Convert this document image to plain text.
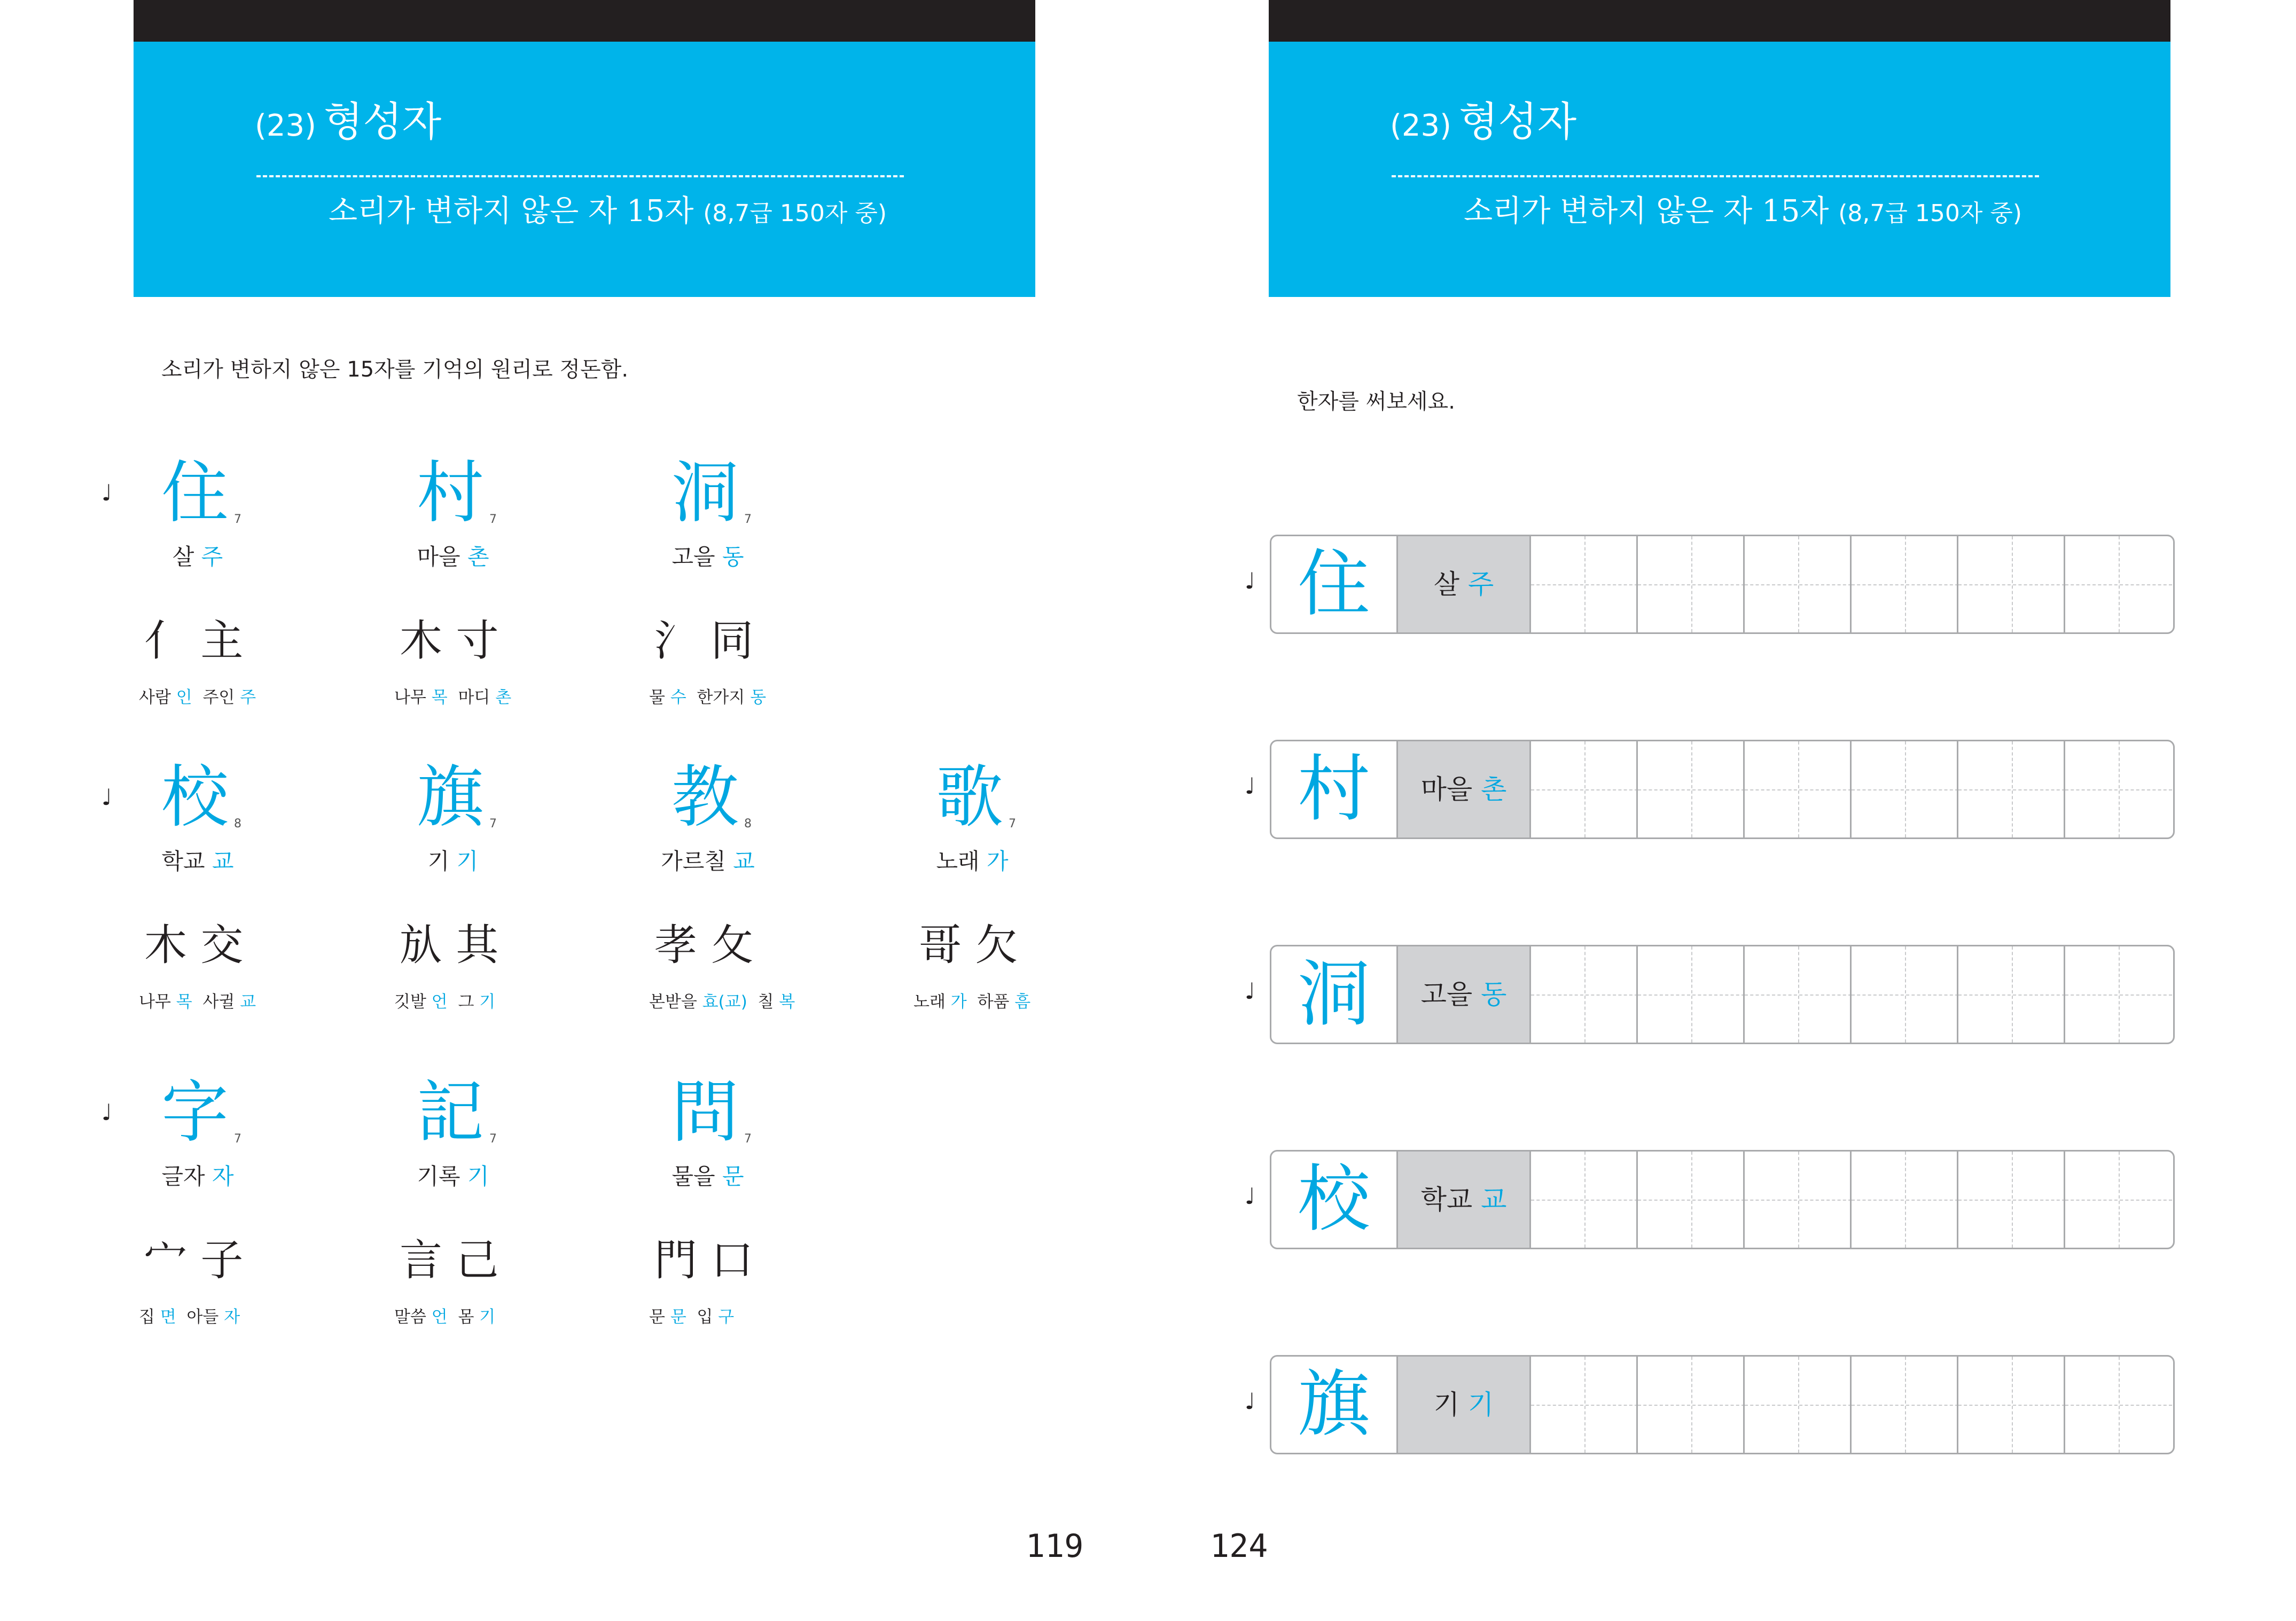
(23) 형성자
소리가 변하지 않은 자 15자 (8,7급 150자 중)
소리가 변하지 않은 15자를 기억의 원리로 정돈함.
♩ 住 7
살 주
亻 主
사람 인 주인 주
村 7
마을 촌
木 寸
나무 목 마디 촌
洞 7
고을 동
氵 同
물 수 한가지 동
♩ 校 8
학교 교
木 交
나무 목 사귈 교
旗 7
기 기
㫃 其
깃발 언 그 기
教 8
가르칠 교
孝 攵
본받을 효(교) 칠 복
歌 7
노래 가
哥 欠
노래 가 하품 흠
♩ 字 7
글자 자
宀 子
집 면 아들 자
記 7
기록 기
言 己
말씀 언 몸 기
問 7
물을 문
門 口
문 문 입 구
119
(23) 형성자
소리가 변하지 않은 자 15자 (8,7급 150자 중)
한자를 써보세요.
♩ 住	살 주
♩ 村	마을 촌
♩ 洞	고을 동
♩ 校	학교 교
♩ 旗	기 기
124
